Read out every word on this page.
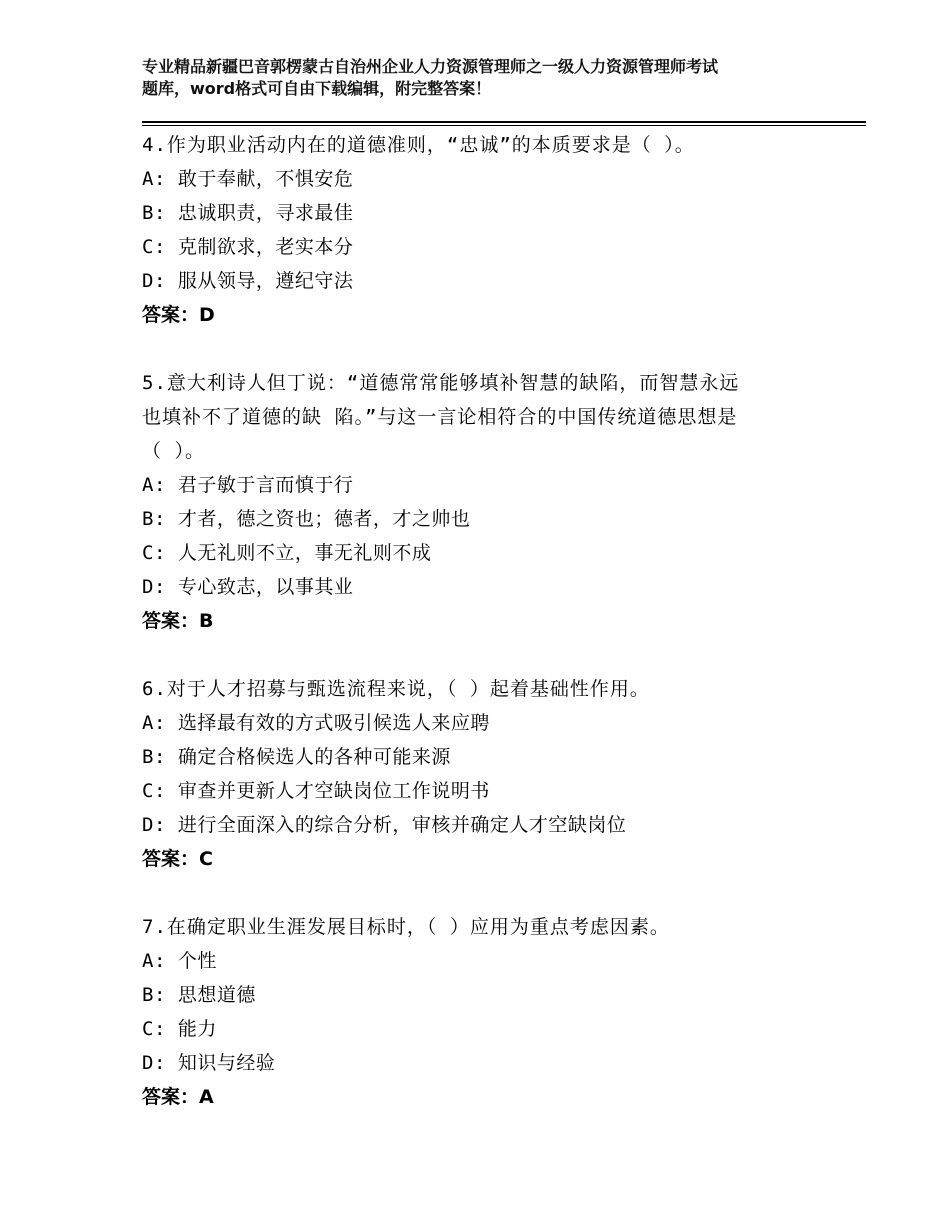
专业精品新疆巴音郭楞蒙古自治州企业人力资源管理师之一级人力资源管理师考试
题库，word格式可自由下载编辑，附完整答案！
4.作为职业活动内在的道德准则，“忠诚”的本质要求是（ ）。
A: 敢于奉献，不惧安危
B: 忠诚职责，寻求最佳
C: 克制欲求，老实本分
D: 服从领导，遵纪守法
答案：D
5.意大利诗人但丁说：“道德常常能够填补智慧的缺陷，而智慧永远
也填补不了道德的缺 陷。”与这一言论相符合的中国传统道德思想是
（ ）。
A: 君子敏于言而慎于行
B: 才者，德之资也；德者，才之帅也
C: 人无礼则不立，事无礼则不成
D: 专心致志，以事其业
答案：B
6.对于人才招募与甄选流程来说，（ ）起着基础性作用。
A: 选择最有效的方式吸引候选人来应聘
B: 确定合格候选人的各种可能来源
C: 审查并更新人才空缺岗位工作说明书
D: 进行全面深入的综合分析，审核并确定人才空缺岗位
答案：C
7.在确定职业生涯发展目标时，（ ）应用为重点考虑因素。
A: 个性
B: 思想道德
C: 能力
D: 知识与经验
答案：A
